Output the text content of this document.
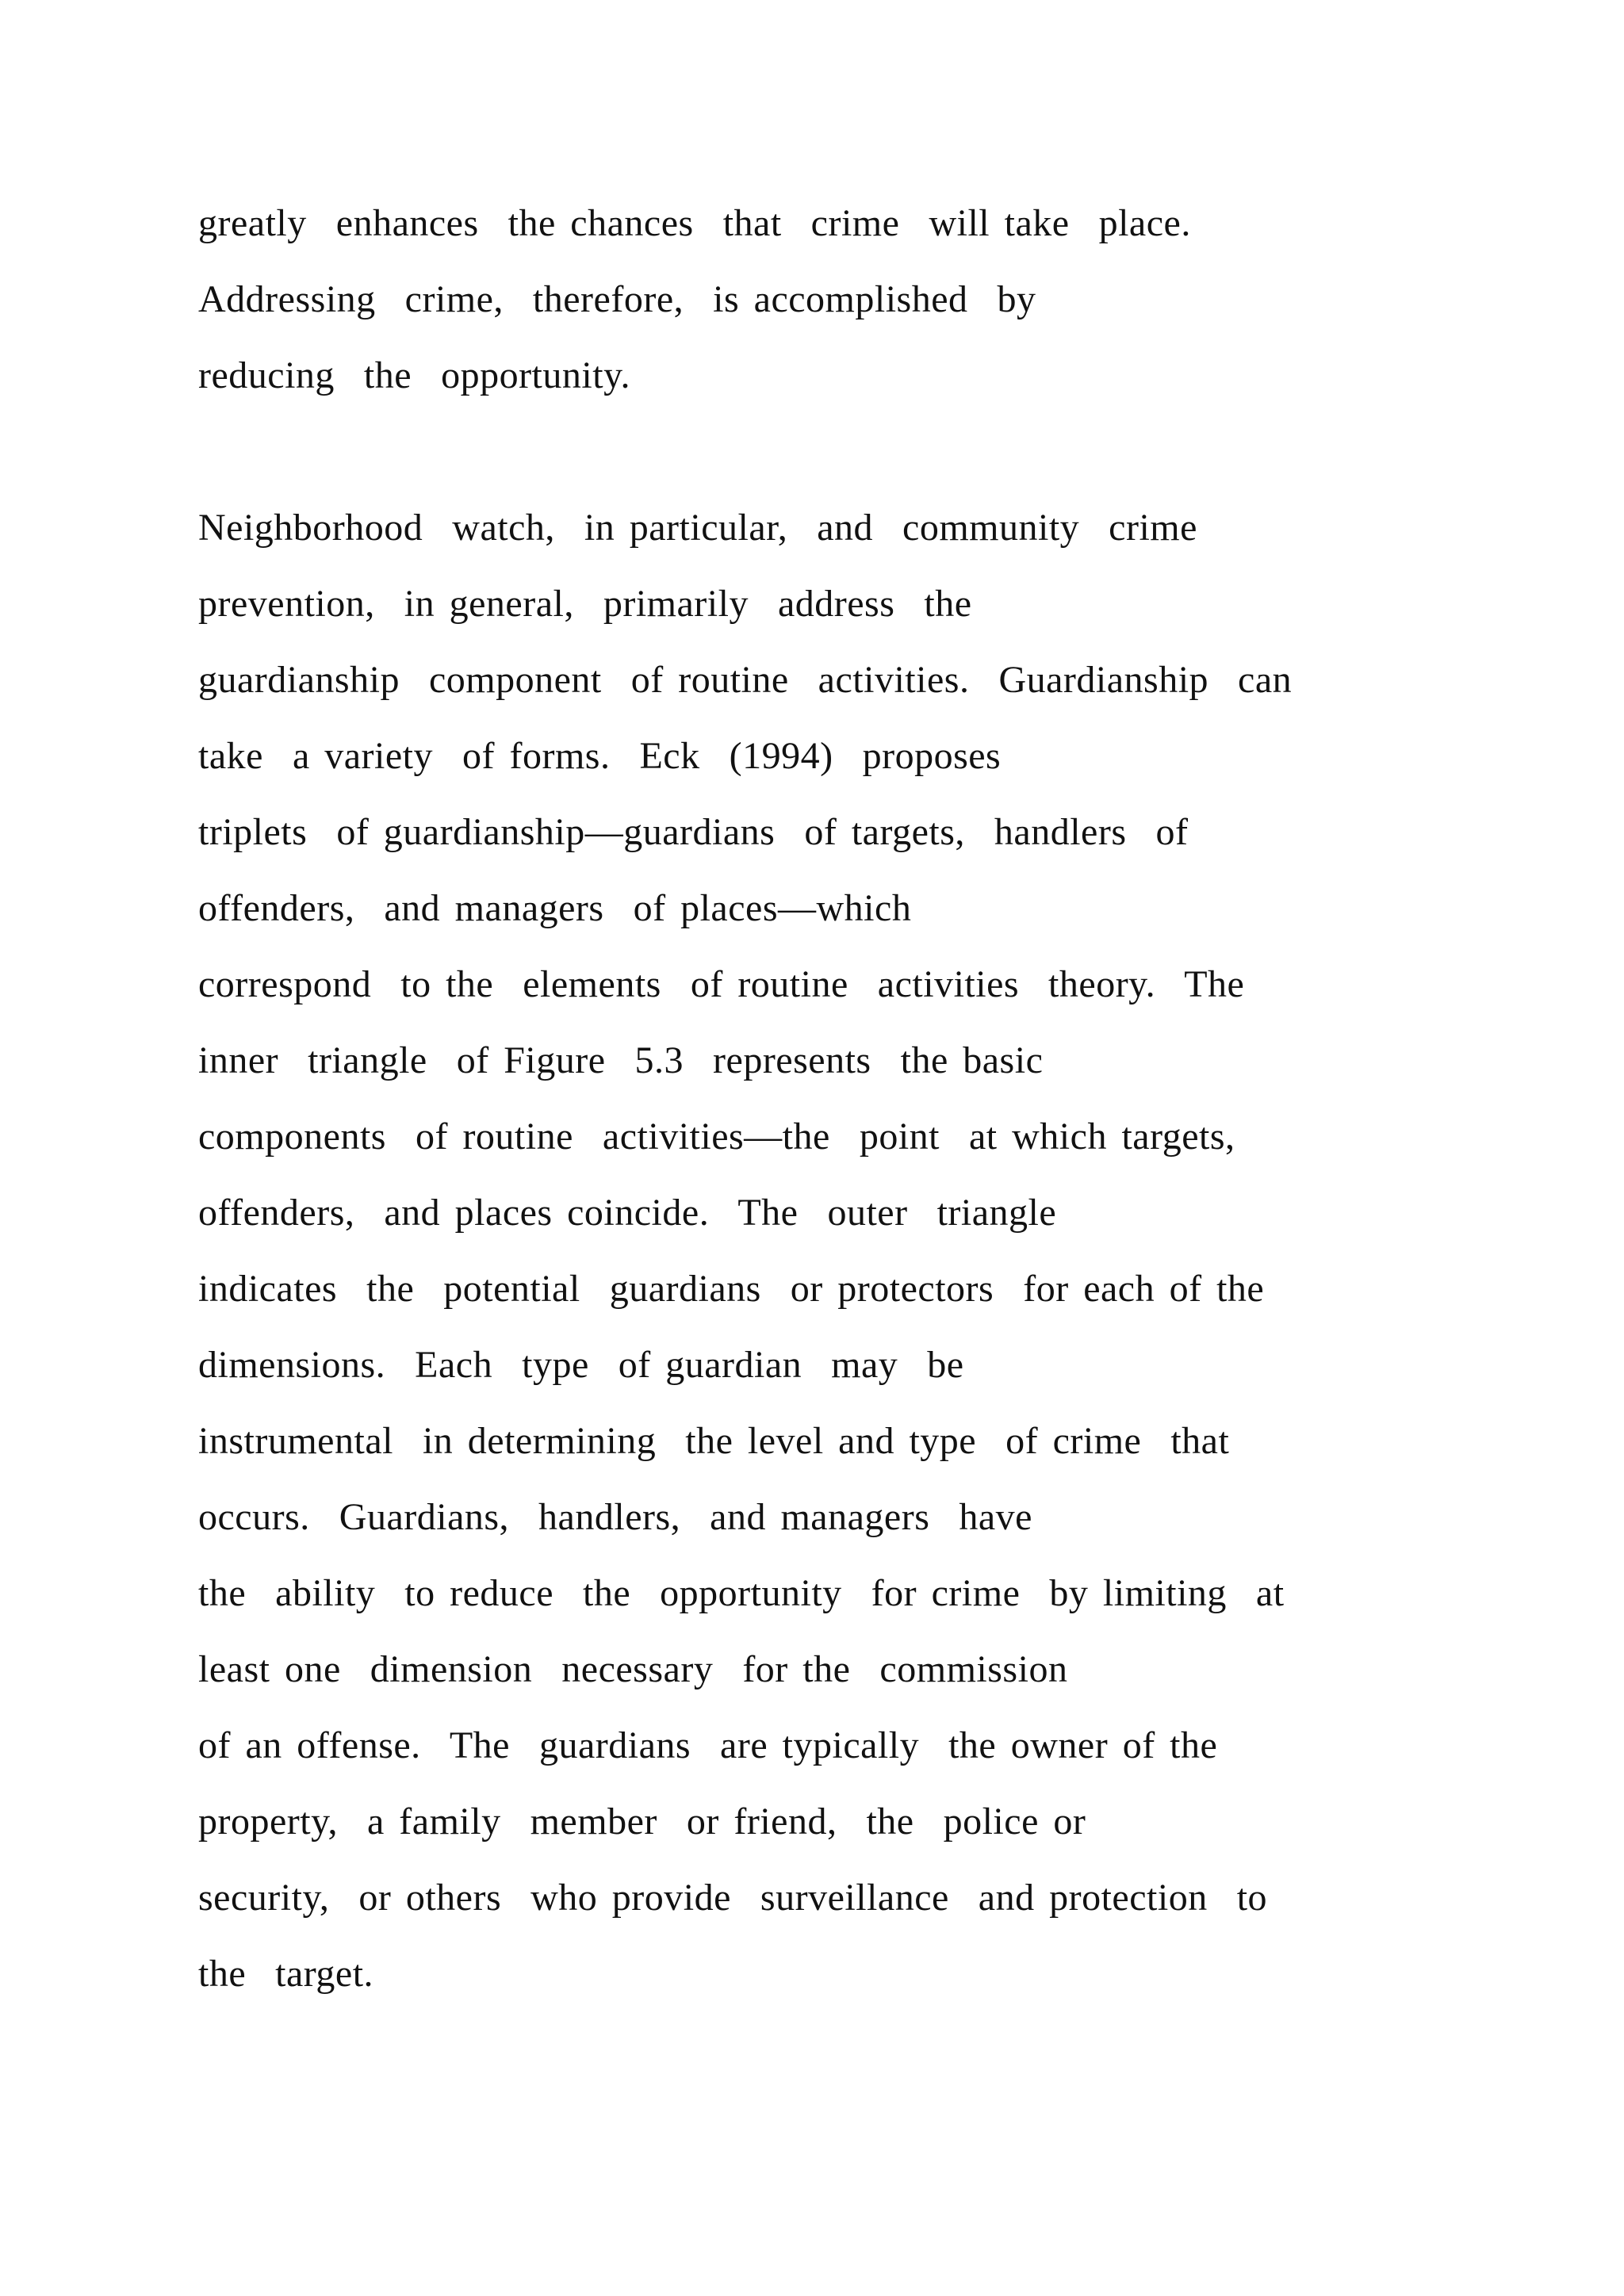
greatly  enhances  the chances  that  crime  will take  place.
Addressing  crime,  therefore,  is accomplished  by
reducing  the  opportunity.
Neighborhood  watch,  in particular,  and  community  crime
prevention,  in general,  primarily  address  the
guardianship  component  of routine  activities.  Guardianship  can
take  a variety  of forms.  Eck  (1994)  proposes
triplets  of guardianship—guardians  of targets,  handlers  of
offenders,  and managers  of places—which
correspond  to the  elements  of routine  activities  theory.  The
inner  triangle  of Figure  5.3  represents  the basic
components  of routine  activities—the  point  at which targets,
offenders,  and places coincide.  The  outer  triangle
indicates  the  potential  guardians  or protectors  for each of the
dimensions.  Each  type  of guardian  may  be
instrumental  in determining  the level and type  of crime  that
occurs.  Guardians,  handlers,  and managers  have
the  ability  to reduce  the  opportunity  for crime  by limiting  at
least one  dimension  necessary  for the  commission
of an offense.  The  guardians  are typically  the owner of the
property,  a family  member  or friend,  the  police or
security,  or others  who provide  surveillance  and protection  to
the  target.
